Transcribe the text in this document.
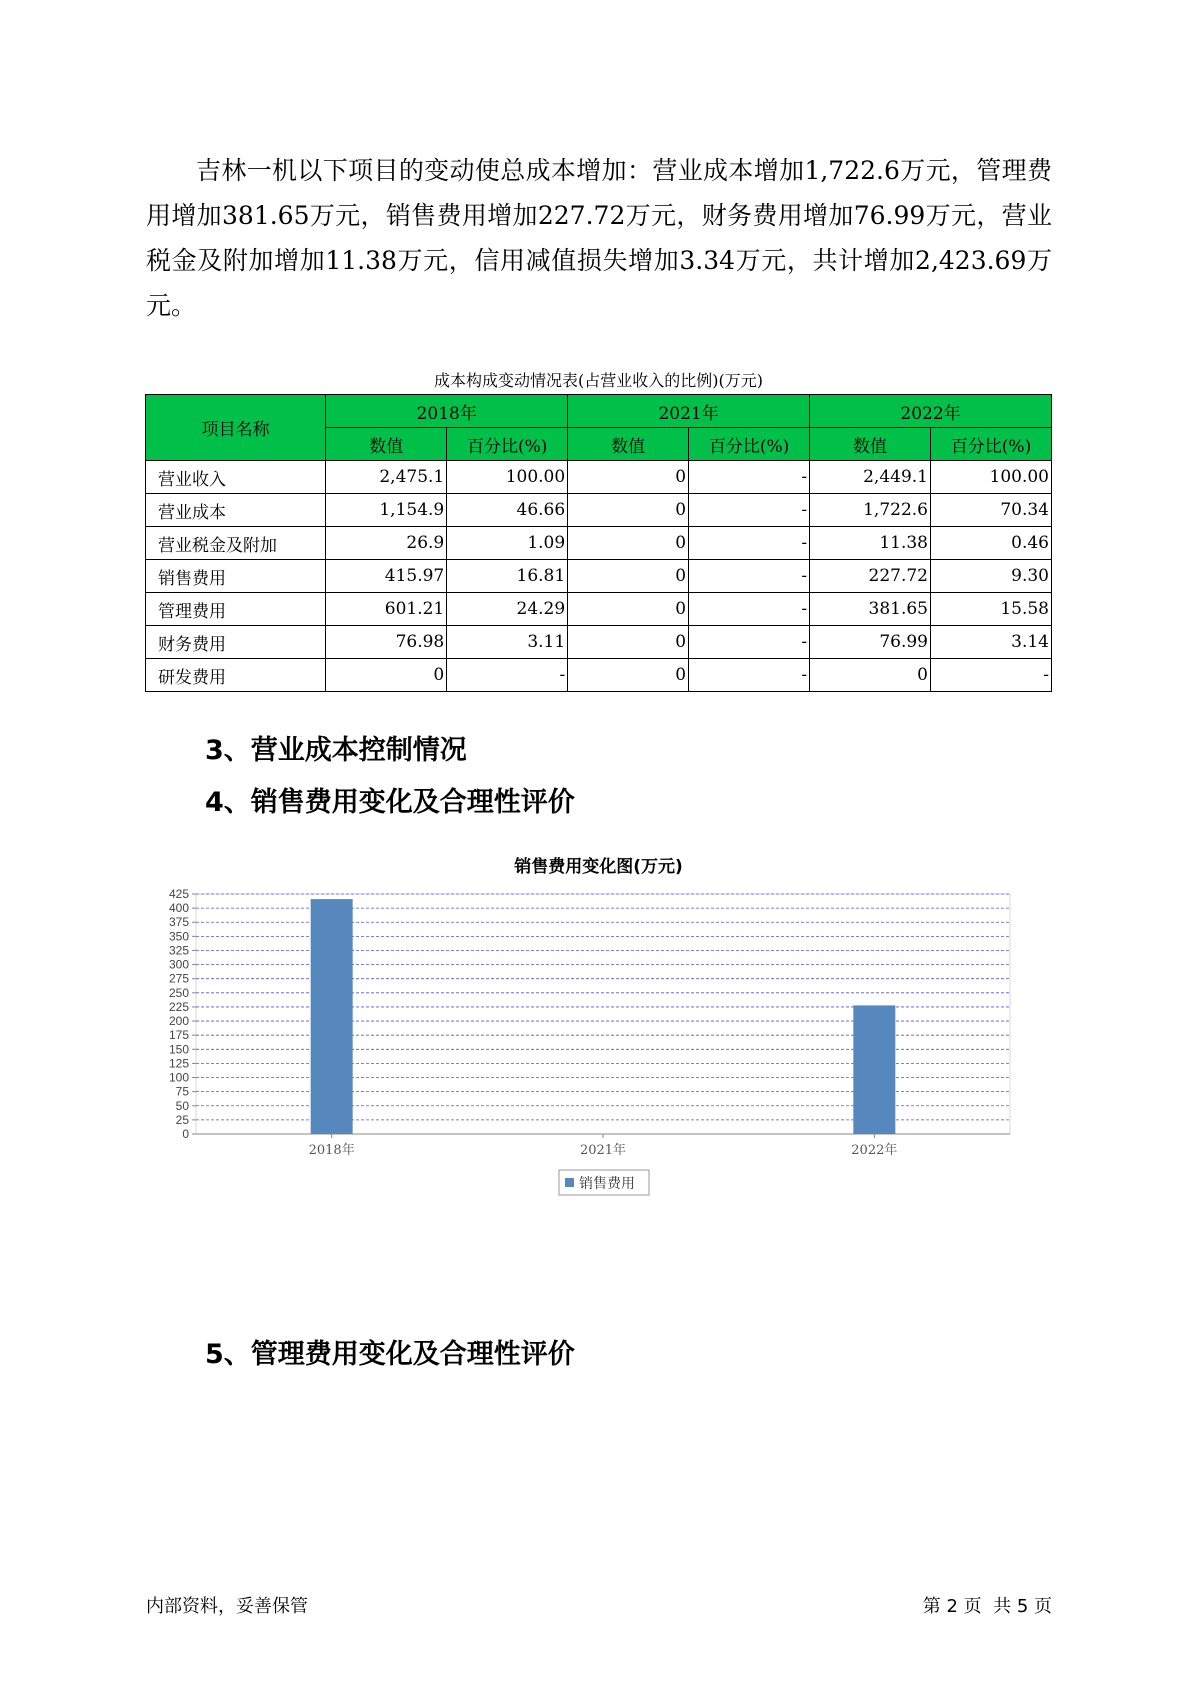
吉林一机以下项目的变动使总成本增加：营业成本增加1,722.6万元，管理费用增加381.65万元，销售费用增加227.72万元，财务费用增加76.99万元，营业税金及附加增加11.38万元，信用减值损失增加3.34万元，共计增加2,423.69万元。

成本构成变动情况表(占营业收入的比例)(万元)
项目名称	2018年		2021年		2022年	
	数值	百分比(%)	数值	百分比(%)	数值	百分比(%)
营业收入	2,475.1	100.00	0	-	2,449.1	100.00
营业成本	1,154.9	46.66	0	-	1,722.6	70.34
营业税金及附加	26.9	1.09	0	-	11.38	0.46
销售费用	415.97	16.81	0	-	227.72	9.30
管理费用	601.21	24.29	0	-	381.65	15.58
财务费用	76.98	3.11	0	-	76.99	3.14
研发费用	0	-	0	-	0	-
3、营业成本控制情况
4、销售费用变化及合理性评价
销售费用变化图(万元)
0
25
50
75
100
125
150
175
200
225
250
275
300
325
350
375
400
425
2018年	2021年	2022年
销售费用
5、管理费用变化及合理性评价
内部资料，妥善保管	第 2 页  共 5 页
